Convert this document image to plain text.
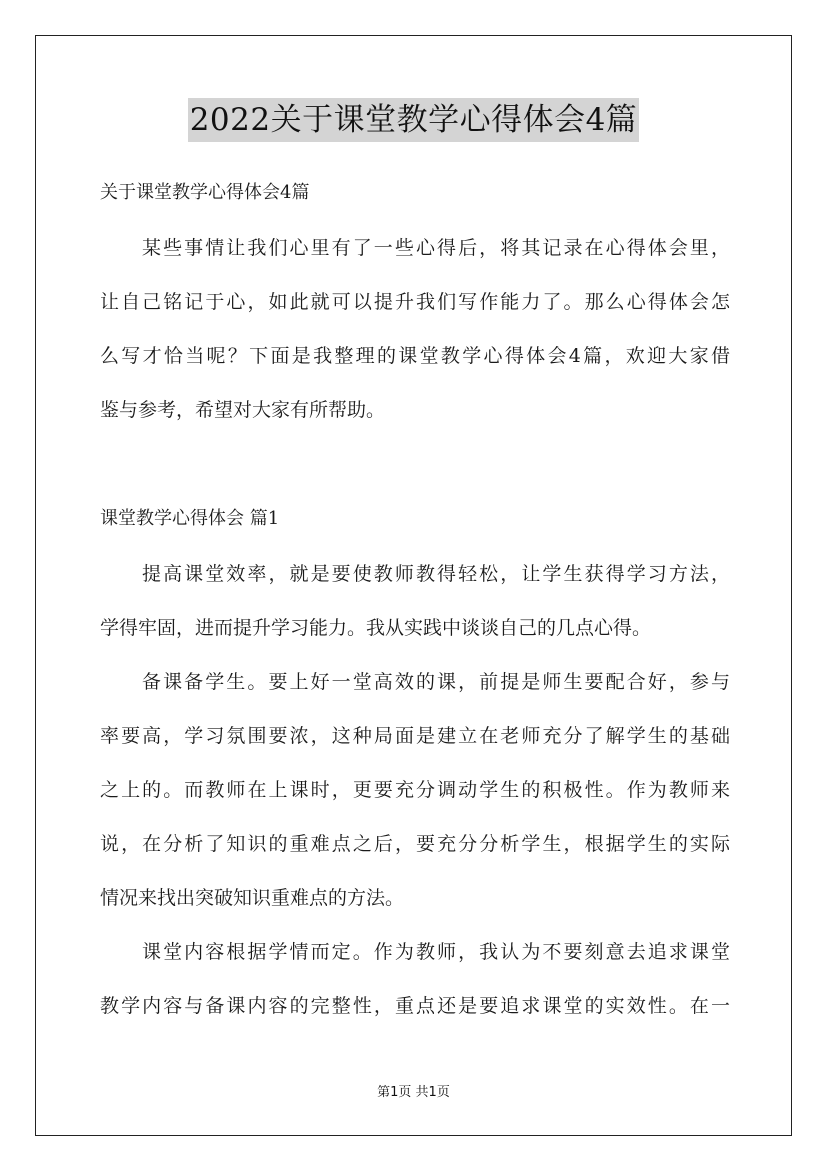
2022关于课堂教学心得体会4篇
关于课堂教学心得体会4篇
某些事情让我们心里有了一些心得后，将其记录在心得体会里，
让自己铭记于心，如此就可以提升我们写作能力了。那么心得体会怎
么写才恰当呢？下面是我整理的课堂教学心得体会4篇，欢迎大家借
鉴与参考，希望对大家有所帮助。
课堂教学心得体会 篇1
提高课堂效率，就是要使教师教得轻松，让学生获得学习方法，
学得牢固，进而提升学习能力。我从实践中谈谈自己的几点心得。
备课备学生。要上好一堂高效的课，前提是师生要配合好，参与
率要高，学习氛围要浓，这种局面是建立在老师充分了解学生的基础
之上的。而教师在上课时，更要充分调动学生的积极性。作为教师来
说，在分析了知识的重难点之后，要充分分析学生，根据学生的实际
情况来找出突破知识重难点的方法。
课堂内容根据学情而定。作为教师，我认为不要刻意去追求课堂
教学内容与备课内容的完整性，重点还是要追求课堂的实效性。在一
第1页 共1页
